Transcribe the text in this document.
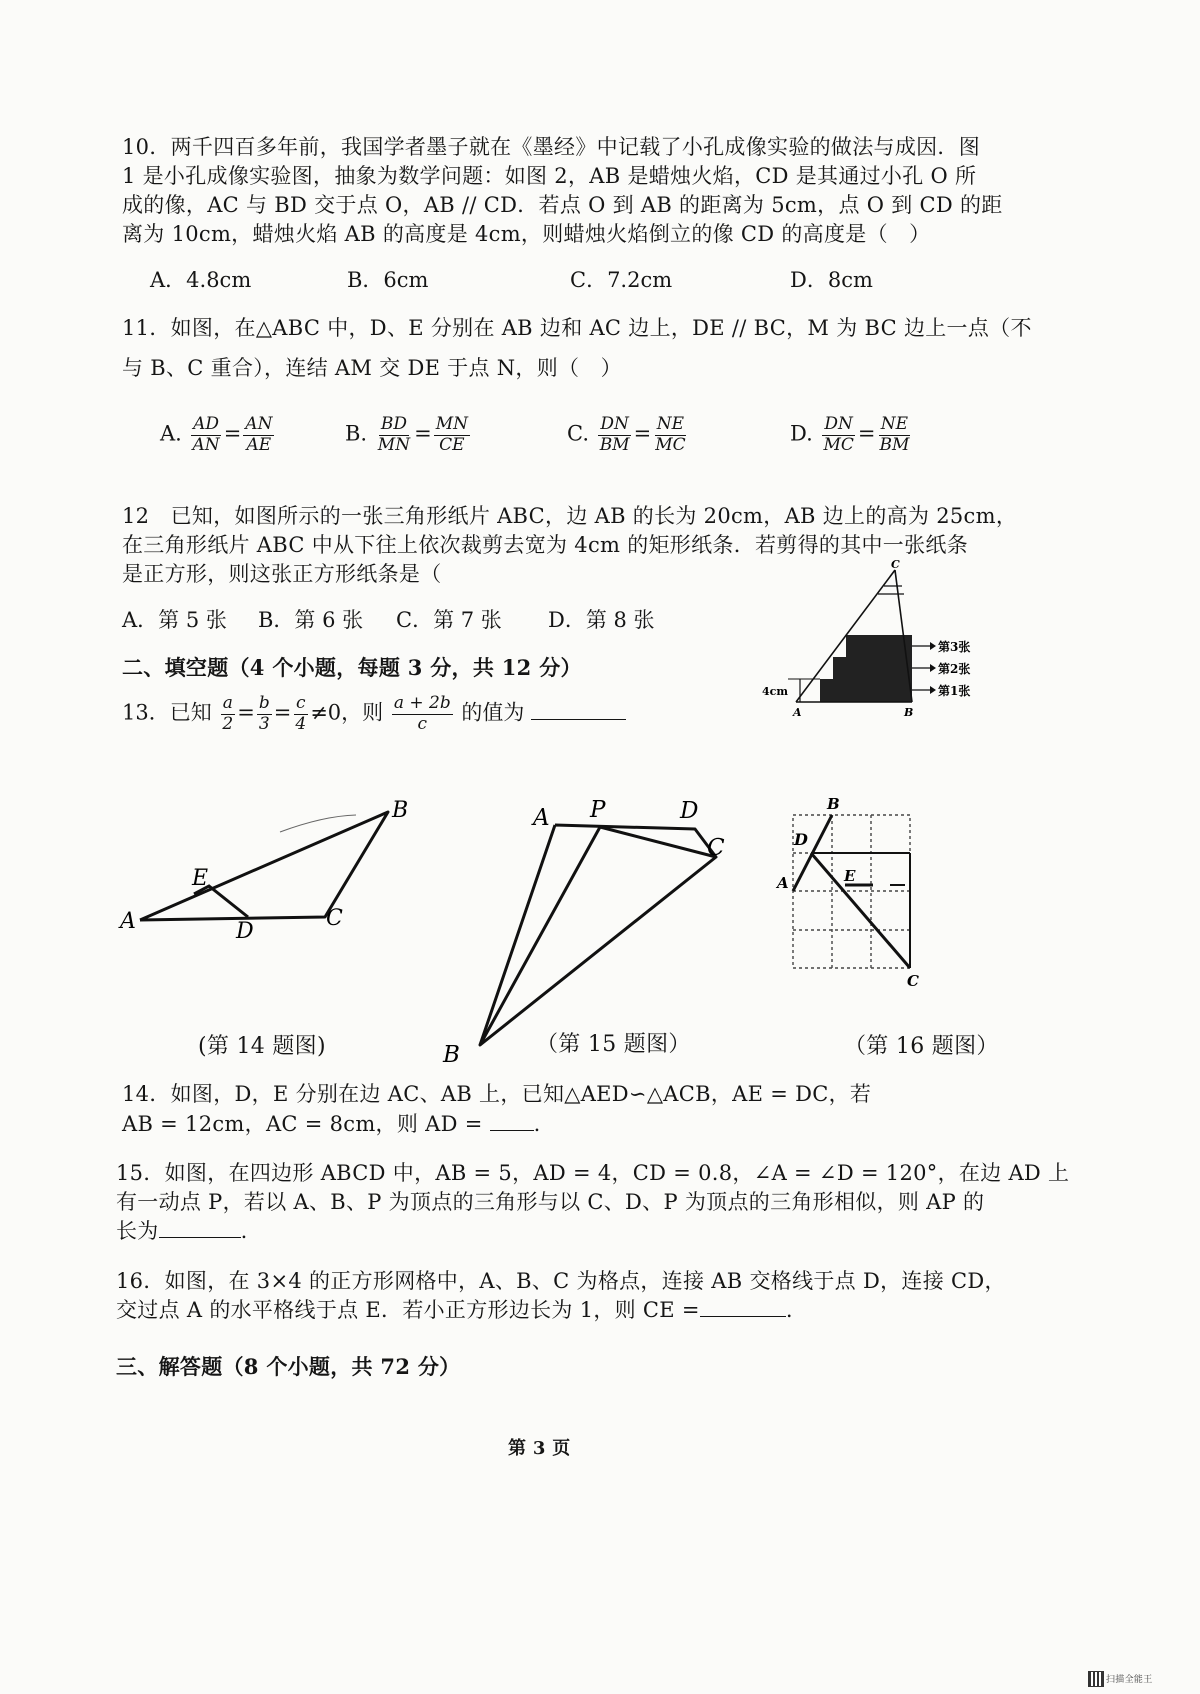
10．两千四百多年前，我国学者墨子就在《墨经》中记载了小孔成像实验的做法与成因．图
1 是小孔成像实验图，抽象为数学问题：如图 2，AB 是蜡烛火焰，CD 是其通过小孔 O 所
成的像，AC 与 BD 交于点 O，AB // CD．若点 O 到 AB 的距离为 5cm，点 O 到 CD 的距
离为 10cm，蜡烛火焰 AB 的高度是 4cm，则蜡烛火焰倒立的像 CD 的高度是（　）
A．4.8cm	B．6cm	C．7.2cm	D．8cm
11．如图，在△ABC 中，D、E 分别在 AB 边和 AC 边上，DE // BC，M 为 BC 边上一点（不
与 B、C 重合），连结 AM 交 DE 于点 N，则（　）
A. $\frac{AD}{AN} = \frac{AN}{AE}$	B. $\frac{BD}{MN} = \frac{MN}{CE}$	C. $\frac{DN}{BM} = \frac{NE}{MC}$	D. $\frac{DN}{MC} = \frac{NE}{BM}$
12　已知，如图所示的一张三角形纸片 ABC，边 AB 的长为 20cm，AB 边上的高为 25cm，
在三角形纸片 ABC 中从下往上依次裁剪去宽为 4cm 的矩形纸条．若剪得的其中一张纸条
是正方形，则这张正方形纸条是（
A．第 5 张 B．第 6 张 C．第 7 张 D．第 8 张
C
A	B
4cm	第1张
第2张
第3张
二、填空题（4 个小题，每题 3 分，共 12 分）
13．已知 $\frac{a}{2} = \frac{b}{3} = \frac{c}{4} \ne 0$，则 $\frac{a + 2b}{c}$ 的值为
A
B
C
D
E
A P	D
C
B
B
D
A	E
C
(第 14 题图)	（第 15 题图）	（第 16 题图）
14．如图，D，E 分别在边 AC、AB 上，已知△AED∽△ACB，AE = DC，若
AB = 12cm，AC = 8cm，则 AD = .
15．如图，在四边形 ABCD 中，AB = 5，AD = 4，CD = 0.8，∠A = ∠D = 120°，在边 AD 上
有一动点 P，若以 A、B、P 为顶点的三角形与以 C、D、P 为顶点的三角形相似，则 AP 的
长为	.
16．如图，在 3×4 的正方形网格中，A、B、C 为格点，连接 AB 交格线于点 D，连接 CD，
交过点 A 的水平格线于点 E．若小正方形边长为 1，则 CE =	.
三、解答题（8 个小题，共 72 分）
第 3 页
扫描全能王
